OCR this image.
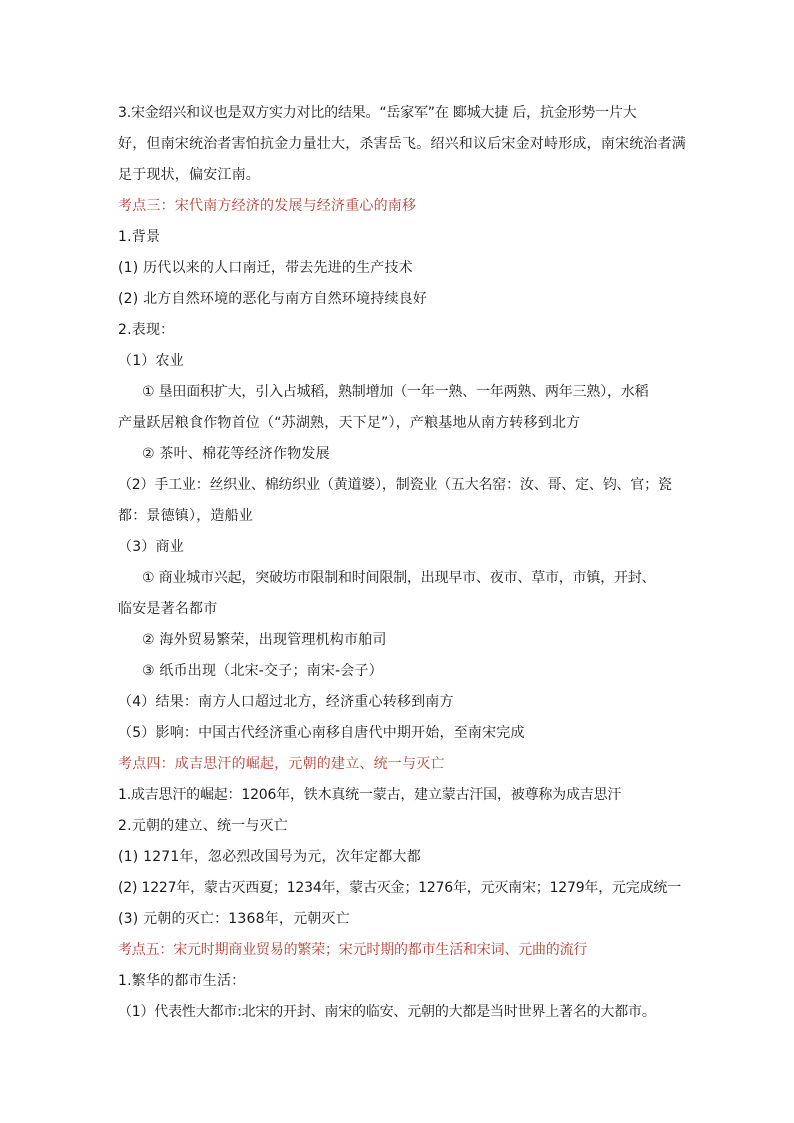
3.宋金绍兴和议也是双方实力对比的结果。“岳家军”在 郾城大捷 后，抗金形势一片大
好，但南宋统治者害怕抗金力量壮大，杀害岳飞。绍兴和议后宋金对峙形成，南宋统治者满
足于现状，偏安江南。
考点三：宋代南方经济的发展与经济重心的南移
1.背景
(1) 历代以来的人口南迁，带去先进的生产技术
(2) 北方自然环境的恶化与南方自然环境持续良好
2.表现：
（1）农业
① 垦田面积扩大，引入占城稻，熟制增加（一年一熟、一年两熟、两年三熟），水稻
产量跃居粮食作物首位（“苏湖熟，天下足”），产粮基地从南方转移到北方
② 茶叶、棉花等经济作物发展
（2）手工业：丝织业、棉纺织业（黄道婆），制瓷业（五大名窑：汝、哥、定、钧、官；瓷
都：景德镇），造船业
（3）商业
① 商业城市兴起，突破坊市限制和时间限制，出现早市、夜市、草市，市镇，开封、
临安是著名都市
② 海外贸易繁荣，出现管理机构市舶司
③ 纸币出现（北宋-交子；南宋-会子）
（4）结果：南方人口超过北方，经济重心转移到南方
（5）影响：中国古代经济重心南移自唐代中期开始，至南宋完成
考点四：成吉思汗的崛起，元朝的建立、统一与灭亡
1.成吉思汗的崛起：1206年，铁木真统一蒙古，建立蒙古汗国，被尊称为成吉思汗
2.元朝的建立、统一与灭亡
(1) 1271年，忽必烈改国号为元，次年定都大都
(2) 1227年，蒙古灭西夏；1234年，蒙古灭金；1276年，元灭南宋；1279年，元完成统一
(3) 元朝的灭亡：1368年，元朝灭亡
考点五：宋元时期商业贸易的繁荣；宋元时期的都市生活和宋词、元曲的流行
1.繁华的都市生活：
（1）代表性大都市:北宋的开封、南宋的临安、元朝的大都是当时世界上著名的大都市。
